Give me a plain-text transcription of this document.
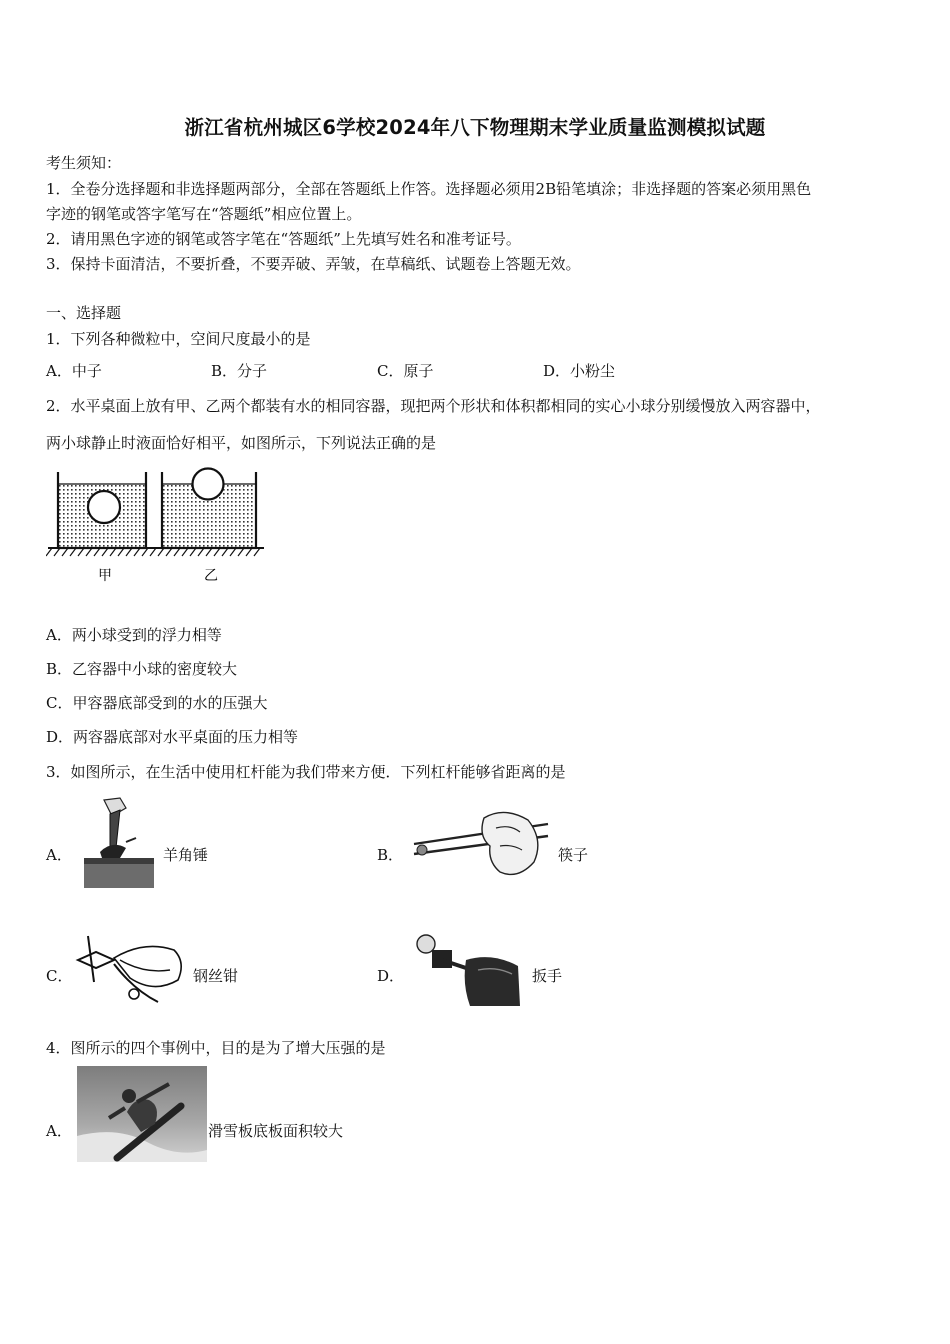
浙江省杭州城区6学校2024年八下物理期末学业质量监测模拟试题
考生须知：
1．全卷分选择题和非选择题两部分，全部在答题纸上作答。选择题必须用2B铅笔填涂；非选择题的答案必须用黑色
字迹的钢笔或答字笔写在“答题纸”相应位置上。
2．请用黑色字迹的钢笔或答字笔在“答题纸”上先填写姓名和准考证号。
3．保持卡面清洁，不要折叠，不要弄破、弄皱，在草稿纸、试题卷上答题无效。
一、选择题
1．下列各种微粒中，空间尺度最小的是
A．中子	B．分子	C．原子	D．小粉尘
2．水平桌面上放有甲、乙两个都装有水的相同容器，现把两个形状和体积都相同的实心小球分别缓慢放入两容器中，
两小球静止时液面恰好相平，如图所示，下列说法正确的是
甲	乙
A．两小球受到的浮力相等
B．乙容器中小球的密度较大
C．甲容器底部受到的水的压强大
D．两容器底部对水平桌面的压力相等
3．如图所示，在生活中使用杠杆能为我们带来方便．下列杠杆能够省距离的是
A．	羊角锤	B．	筷子
C．	钢丝钳	D．	扳手
4．图所示的四个事例中，目的是为了增大压强的是
A．	滑雪板底板面积较大
